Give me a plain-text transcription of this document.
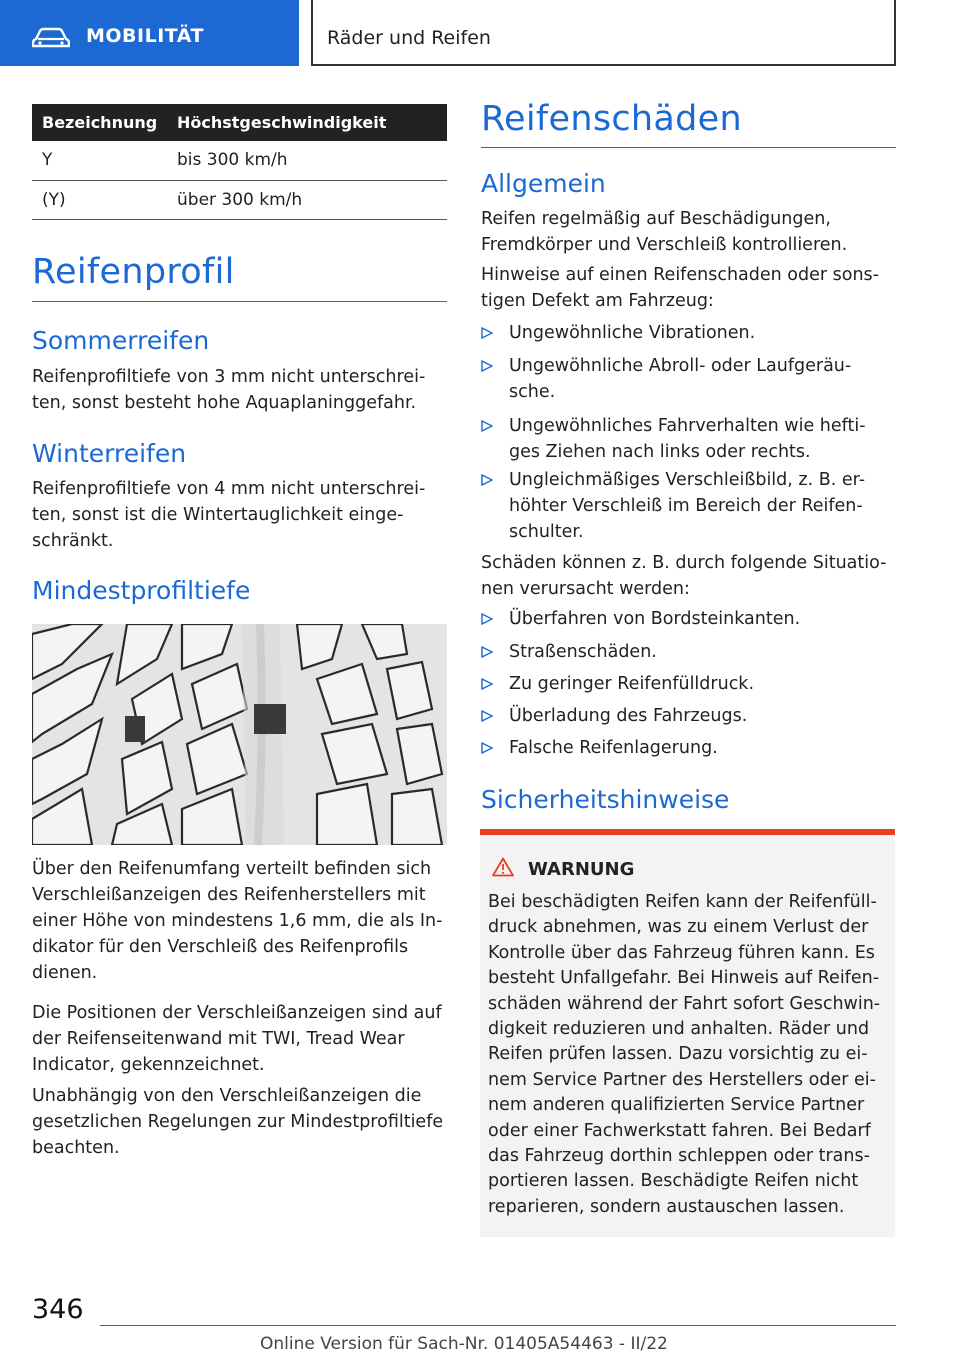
MOBILITÄT	Räder und Reifen
Bezeichnung	Höchstgeschwindigkeit
Y	bis 300 km/h
(Y)	über 300 km/h
Reifenprofil
Sommerreifen
Reifenprofiltiefe von 3 mm nicht unterschrei-ten, sonst besteht hohe Aquaplaninggefahr.
Winterreifen
Reifenprofiltiefe von 4 mm nicht unterschrei-ten, sonst ist die Wintertauglichkeit einge-schränkt.
Mindestprofiltiefe
Über den Reifenumfang verteilt befinden sich Verschleißanzeigen des Reifenherstellers mit einer Höhe von mindestens 1,6 mm, die als In-dikator für den Verschleiß des Reifenprofils dienen.
Die Positionen der Verschleißanzeigen sind auf der Reifenseitenwand mit TWI, Tread Wear Indicator, gekennzeichnet.
Unabhängig von den Verschleißanzeigen die gesetzlichen Regelungen zur Mindestprofiltiefe beachten.
Reifenschäden
Allgemein
Reifen regelmäßig auf Beschädigungen, Fremdkörper und Verschleiß kontrollieren.
Hinweise auf einen Reifenschaden oder sons-tigen Defekt am Fahrzeug:
Ungewöhnliche Vibrationen.
Ungewöhnliche Abroll- oder Laufgeräu-sche.
Ungewöhnliches Fahrverhalten wie hefti-ges Ziehen nach links oder rechts.
Ungleichmäßiges Verschleißbild, z. B. er-höhter Verschleiß im Bereich der Reifen-schulter.
Schäden können z. B. durch folgende Situatio-nen verursacht werden:
Überfahren von Bordsteinkanten.
Straßenschäden.
Zu geringer Reifenfülldruck.
Überladung des Fahrzeugs.
Falsche Reifenlagerung.
Sicherheitshinweise
WARNUNG
Bei beschädigten Reifen kann der Reifenfüll-druck abnehmen, was zu einem Verlust der Kontrolle über das Fahrzeug führen kann. Es besteht Unfallgefahr. Bei Hinweis auf Reifen-schäden während der Fahrt sofort Geschwin-digkeit reduzieren und anhalten. Räder und Reifen prüfen lassen. Dazu vorsichtig zu ei-nem Service Partner des Herstellers oder ei-nem anderen qualifizierten Service Partner oder einer Fachwerkstatt fahren. Bei Bedarf das Fahrzeug dorthin schleppen oder trans-portieren lassen. Beschädigte Reifen nicht reparieren, sondern austauschen lassen.
346
Online Version für Sach-Nr. 01405A54463 - II/22
